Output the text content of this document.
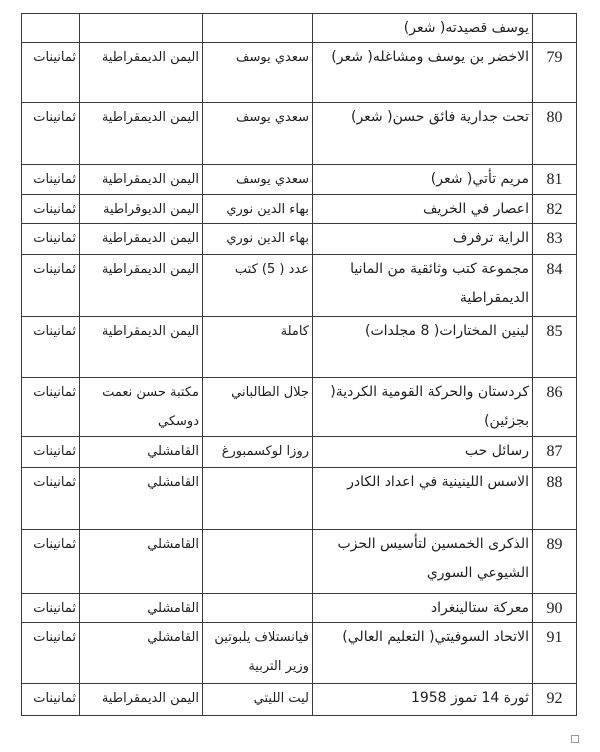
	يوسف قصيدته( شعر)			

79	الاخضر بن يوسف ومشاغله( شعر)	سعدي يوسف	اليمن الديمقراطية	ثمانينات

80	تحت جدارية فائق حسن( شعر)	سعدي يوسف	اليمن الديمقراطية	ثمانينات

81	مريم تأتي( شعر)	سعدي يوسف	اليمن الديمقراطية	ثمانينات

82	اعصار في الخريف	بهاء الدين نوري	اليمن الديوقراطية	ثمانينات

83	الراية ترفرف	بهاء الدين نوري	اليمن الديمقراطية	ثمانينات

84	مجموعة كتب وثائقية من المانيا الديمقراطية	عدد ( 5) كتب	اليمن الديمقراطية	ثمانينات

85	لينين المختارات( 8 مجلدات)	كاملة	اليمن الديمقراطية	ثمانينات

86	كردستان والحركة القومية الكردية( بجزئين)	جلال الطالباني	مكتبة حسن نعمت دوسكي	ثمانينات

87	رسائل حب	روزا لوكسمبورغ	القامشلي	ثمانينات

88	الاسس اللينينية في اعداد الكادر		القامشلي	ثمانينات

89	الذكرى الخمسين لتأسيس الحزب الشيوعي السوري		القامشلي	ثمانينات

90	معركة ستالينغراد		القامشلي	ثمانينات

91	الاتحاد السوفيتي( التعليم العالي)	فيانستلاف يلبوتين وزير التربية	القامشلي	ثمانينات

92	ثورة 14 تموز 1958	ليت الليتي	اليمن الديمقراطية	ثمانينات
